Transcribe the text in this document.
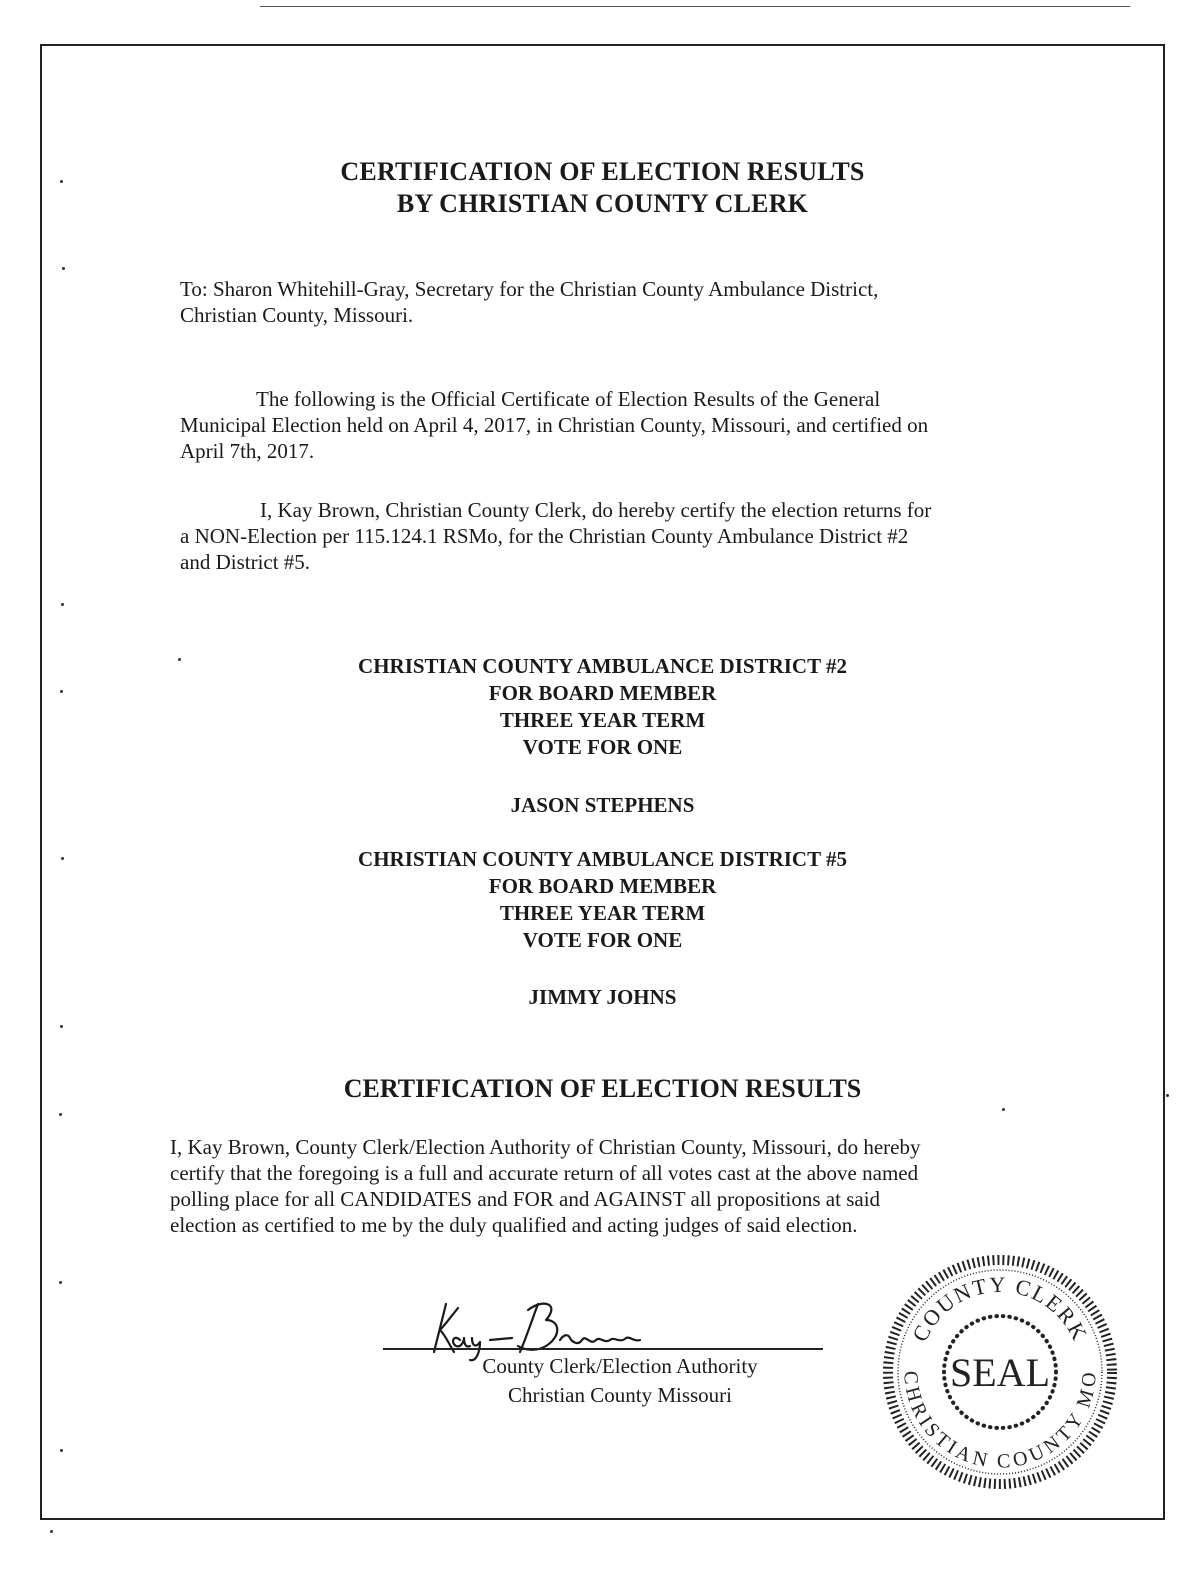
CERTIFICATION OF ELECTION RESULTS
BY CHRISTIAN COUNTY CLERK
To: Sharon Whitehill-Gray, Secretary for the Christian County Ambulance District,
Christian County, Missouri.
The following is the Official Certificate of Election Results of the General
Municipal Election held on April 4, 2017, in Christian County, Missouri, and certified on
April 7th, 2017.
I, Kay Brown, Christian County Clerk, do hereby certify the election returns for
a NON-Election per 115.124.1 RSMo, for the Christian County Ambulance District #2
and District #5.
CHRISTIAN COUNTY AMBULANCE DISTRICT #2
FOR BOARD MEMBER
THREE YEAR TERM
VOTE FOR ONE
JASON STEPHENS
CHRISTIAN COUNTY AMBULANCE DISTRICT #5
FOR BOARD MEMBER
THREE YEAR TERM
VOTE FOR ONE
JIMMY JOHNS
CERTIFICATION OF ELECTION RESULTS
I, Kay Brown, County Clerk/Election Authority of Christian County, Missouri, do hereby
certify that the foregoing is a full and accurate return of all votes cast at the above named
polling place for all CANDIDATES and FOR and AGAINST all propositions at said
election as certified to me by the duly qualified and acting judges of said election.
County Clerk/Election Authority
Christian County Missouri
COUNTY CLERK
SEAL
CHRISTIAN COUNTY MO
